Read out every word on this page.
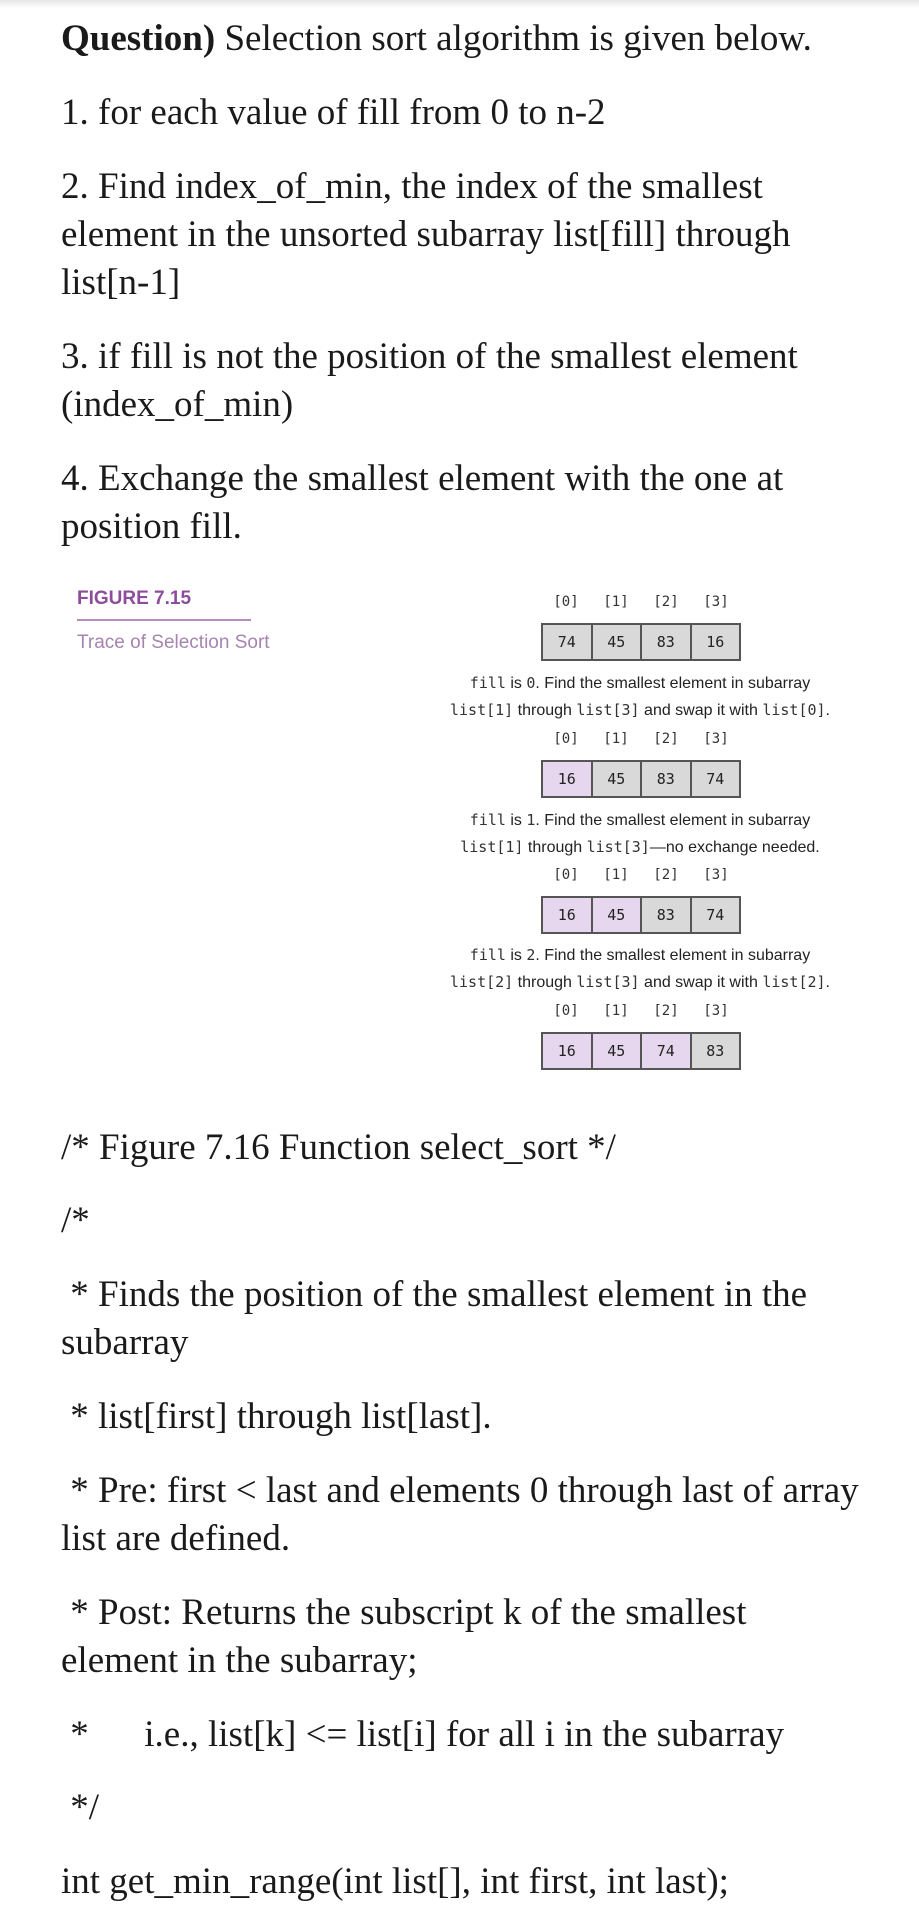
Question) Selection sort algorithm is given below.
1. for each value of fill from 0 to n-2
2. Find index_of_min, the index of the smallest element in the unsorted subarray list[fill] through list[n-1]
3. if fill is not the position of the smallest element (index_of_min)
4. Exchange the smallest element with the one at position fill.
FIGURE 7.15
Trace of Selection Sort
[0]	[1]	[2]	[3]
74	45	83	16
fill is 0. Find the smallest element in subarray
list[1] through list[3] and swap it with list[0].
[0]	[1]	[2]	[3]
16	45	83	74
fill is 1. Find the smallest element in subarray
list[1] through list[3]—no exchange needed.
[0]	[1]	[2]	[3]
16	45	83	74
fill is 2. Find the smallest element in subarray
list[2] through list[3] and swap it with list[2].
[0]	[1]	[2]	[3]
16	45	74	83
/* Figure 7.16 Function select_sort */
/*
* Finds the position of the smallest element in the subarray
* list[first] through list[last].
* Pre: first < last and elements 0 through last of array list are defined.
* Post: Returns the subscript k of the smallest element in the subarray;
*      i.e., list[k] <= list[i] for all i in the subarray
*/
int get_min_range(int list[], int first, int last);
